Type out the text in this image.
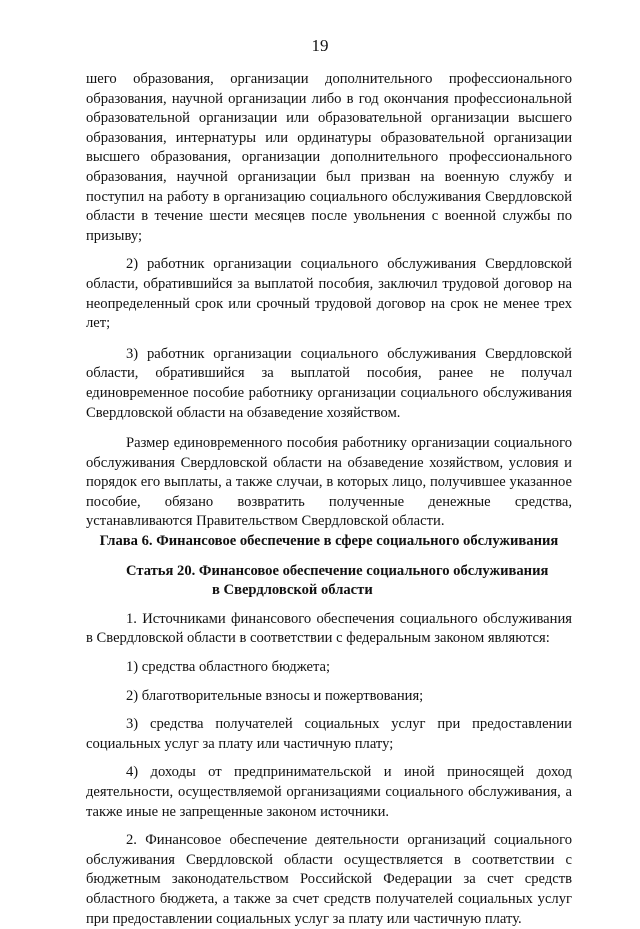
19

шего образования, организации дополнительного профессионального образования, научной организации либо в год окончания профессиональной образовательной организации или образовательной организации высшего образования, интернатуры или ординатуры образовательной организации высшего образования, организации дополнительного профессионального образования, научной организации был призван на военную службу и поступил на работу в организацию социального обслуживания Свердловской области в течение шести месяцев после увольнения с военной службы по призыву;

2) работник организации социального обслуживания Свердловской области, обратившийся за выплатой пособия, заключил трудовой договор на неопределенный срок или срочный трудовой договор на срок не менее трех лет;

3) работник организации социального обслуживания Свердловской области, обратившийся за выплатой пособия, ранее не получал единовременное пособие работнику организации социального обслуживания Свердловской области на обзаведение хозяйством.

Размер единовременного пособия работнику организации социального обслуживания Свердловской области на обзаведение хозяйством, условия и порядок его выплаты, а также случаи, в которых лицо, получившее указанное пособие, обязано возвратить полученные денежные средства, устанавливаются Правительством Свердловской области.

Глава 6. Финансовое обеспечение в сфере социального обслуживания

Статья 20. Финансовое обеспечение социального обслуживания
в Свердловской области

1. Источниками финансового обеспечения социального обслуживания в Свердловской области в соответствии с федеральным законом являются:

1) средства областного бюджета;

2) благотворительные взносы и пожертвования;

3) средства получателей социальных услуг при предоставлении социальных услуг за плату или частичную плату;

4) доходы от предпринимательской и иной приносящей доход деятельности, осуществляемой организациями социального обслуживания, а также иные не запрещенные законом источники.

2. Финансовое обеспечение деятельности организаций социального обслуживания Свердловской области осуществляется в соответствии с бюджетным законодательством Российской Федерации за счет средств областного бюджета, а также за счет средств получателей социальных услуг при предоставлении социальных услуг за плату или частичную плату.
